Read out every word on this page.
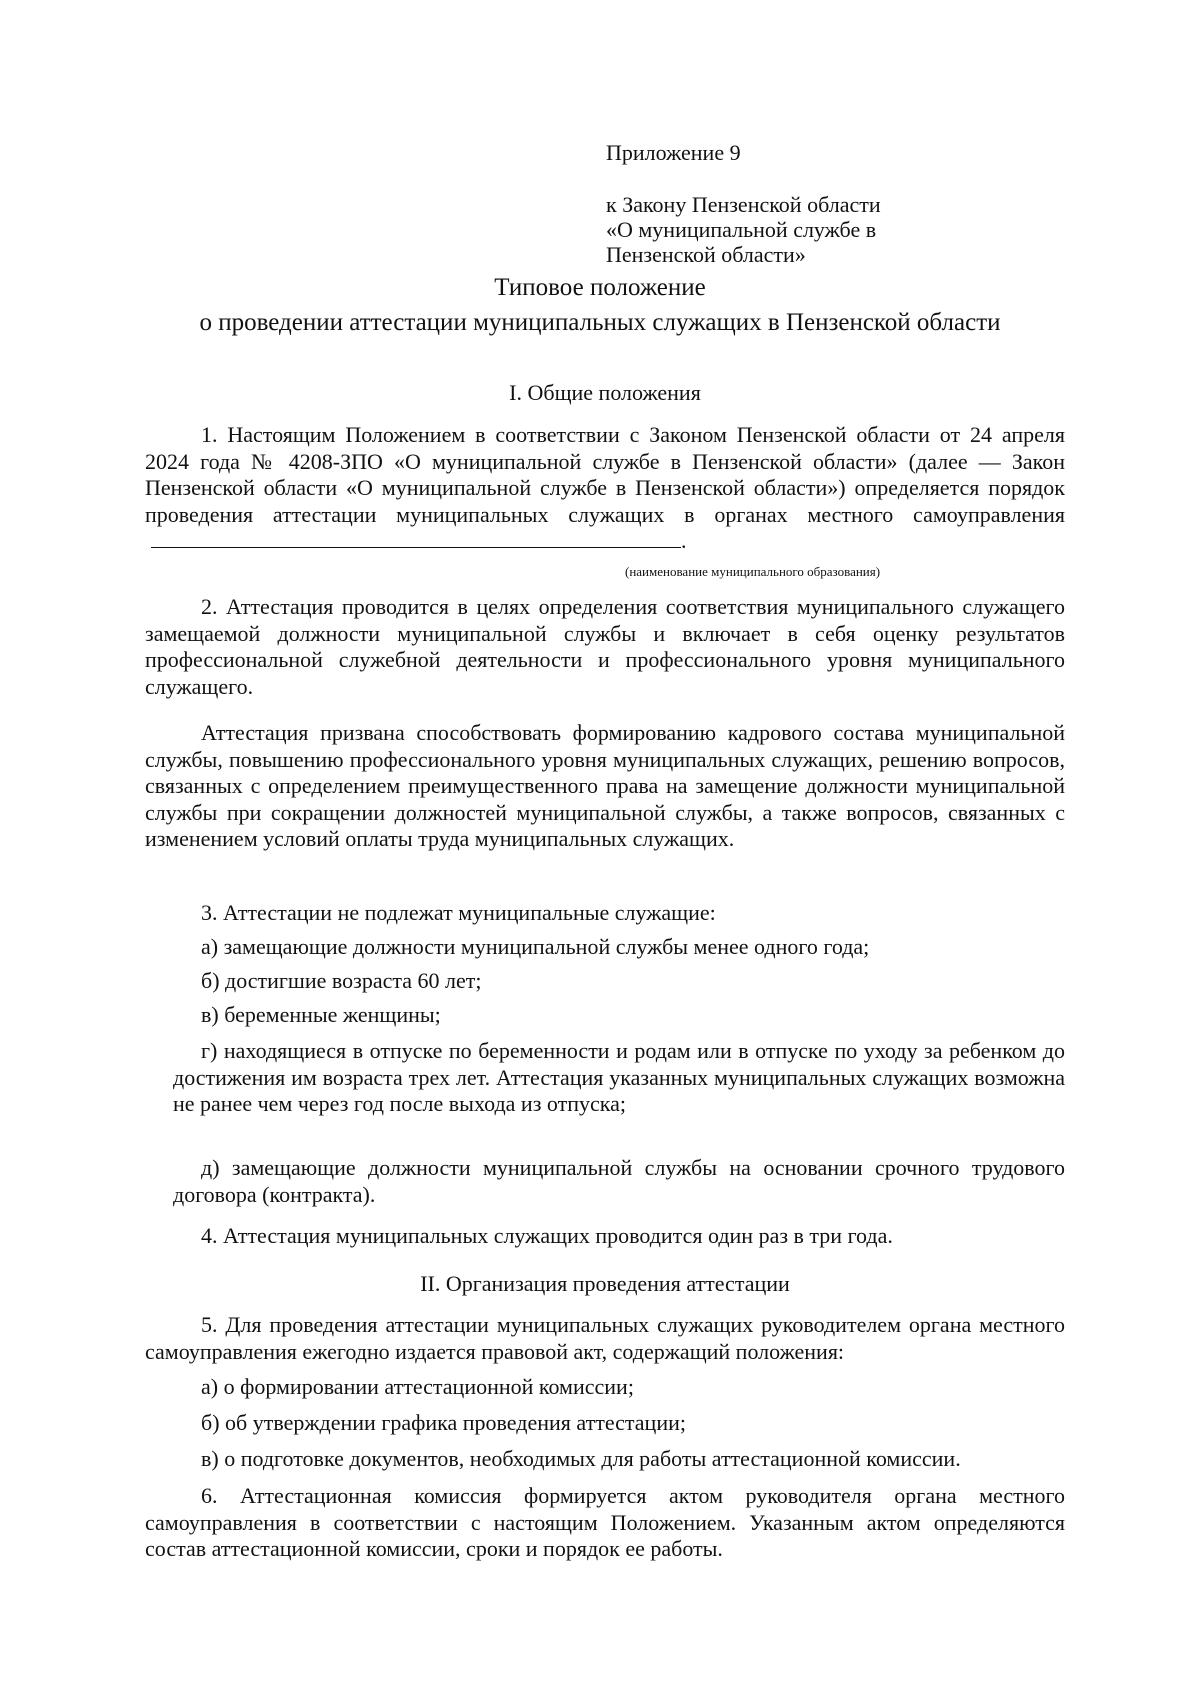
Приложение 9
к Закону Пензенской области
«О муниципальной службе в
Пензенской области»
Типовое положение
о проведении аттестации муниципальных служащих в Пензенской области
I. Общие положения

1. Настоящим Положением в соответствии с Законом Пензенской области от 24 апреля 2024 года № 4208-ЗПО «О муниципальной службе в Пензенской области» (далее — Закон Пензенской области «О муниципальной службе в Пензенской области») определяется порядок проведения аттестации муниципальных служащих в органах местного самоуправления.

(наименование муниципального образования)

2. Аттестация проводится в целях определения соответствия муниципального служащего замещаемой должности муниципальной службы и включает в себя оценку результатов профессиональной служебной деятельности и профессионального уровня муниципального служащего.

Аттестация призвана способствовать формированию кадрового состава муниципальной службы, повышению профессионального уровня муниципальных служащих, решению вопросов, связанных с определением преимущественного права на замещение должности муниципальной службы при сокращении должностей муниципальной службы, а также вопросов, связанных с изменением условий оплаты труда муниципальных служащих.

3. Аттестации не подлежат муниципальные служащие:

а) замещающие должности муниципальной службы менее одного года;

б) достигшие возраста 60 лет;

в) беременные женщины;

г) находящиеся в отпуске по беременности и родам или в отпуске по уходу за ребенком до достижения им возраста трех лет. Аттестация указанных муниципальных служащих возможна не ранее чем через год после выхода из отпуска;

д) замещающие должности муниципальной службы на основании срочного трудового договора (контракта).

4. Аттестация муниципальных служащих проводится один раз в три года.

II. Организация проведения аттестации

5. Для проведения аттестации муниципальных служащих руководителем органа местного самоуправления ежегодно издается правовой акт, содержащий положения:

а) о формировании аттестационной комиссии;

б) об утверждении графика проведения аттестации;

в) о подготовке документов, необходимых для работы аттестационной комиссии.

6. Аттестационная комиссия формируется актом руководителя органа местного самоуправления в соответствии с настоящим Положением. Указанным актом определяются состав аттестационной комиссии, сроки и порядок ее работы.
